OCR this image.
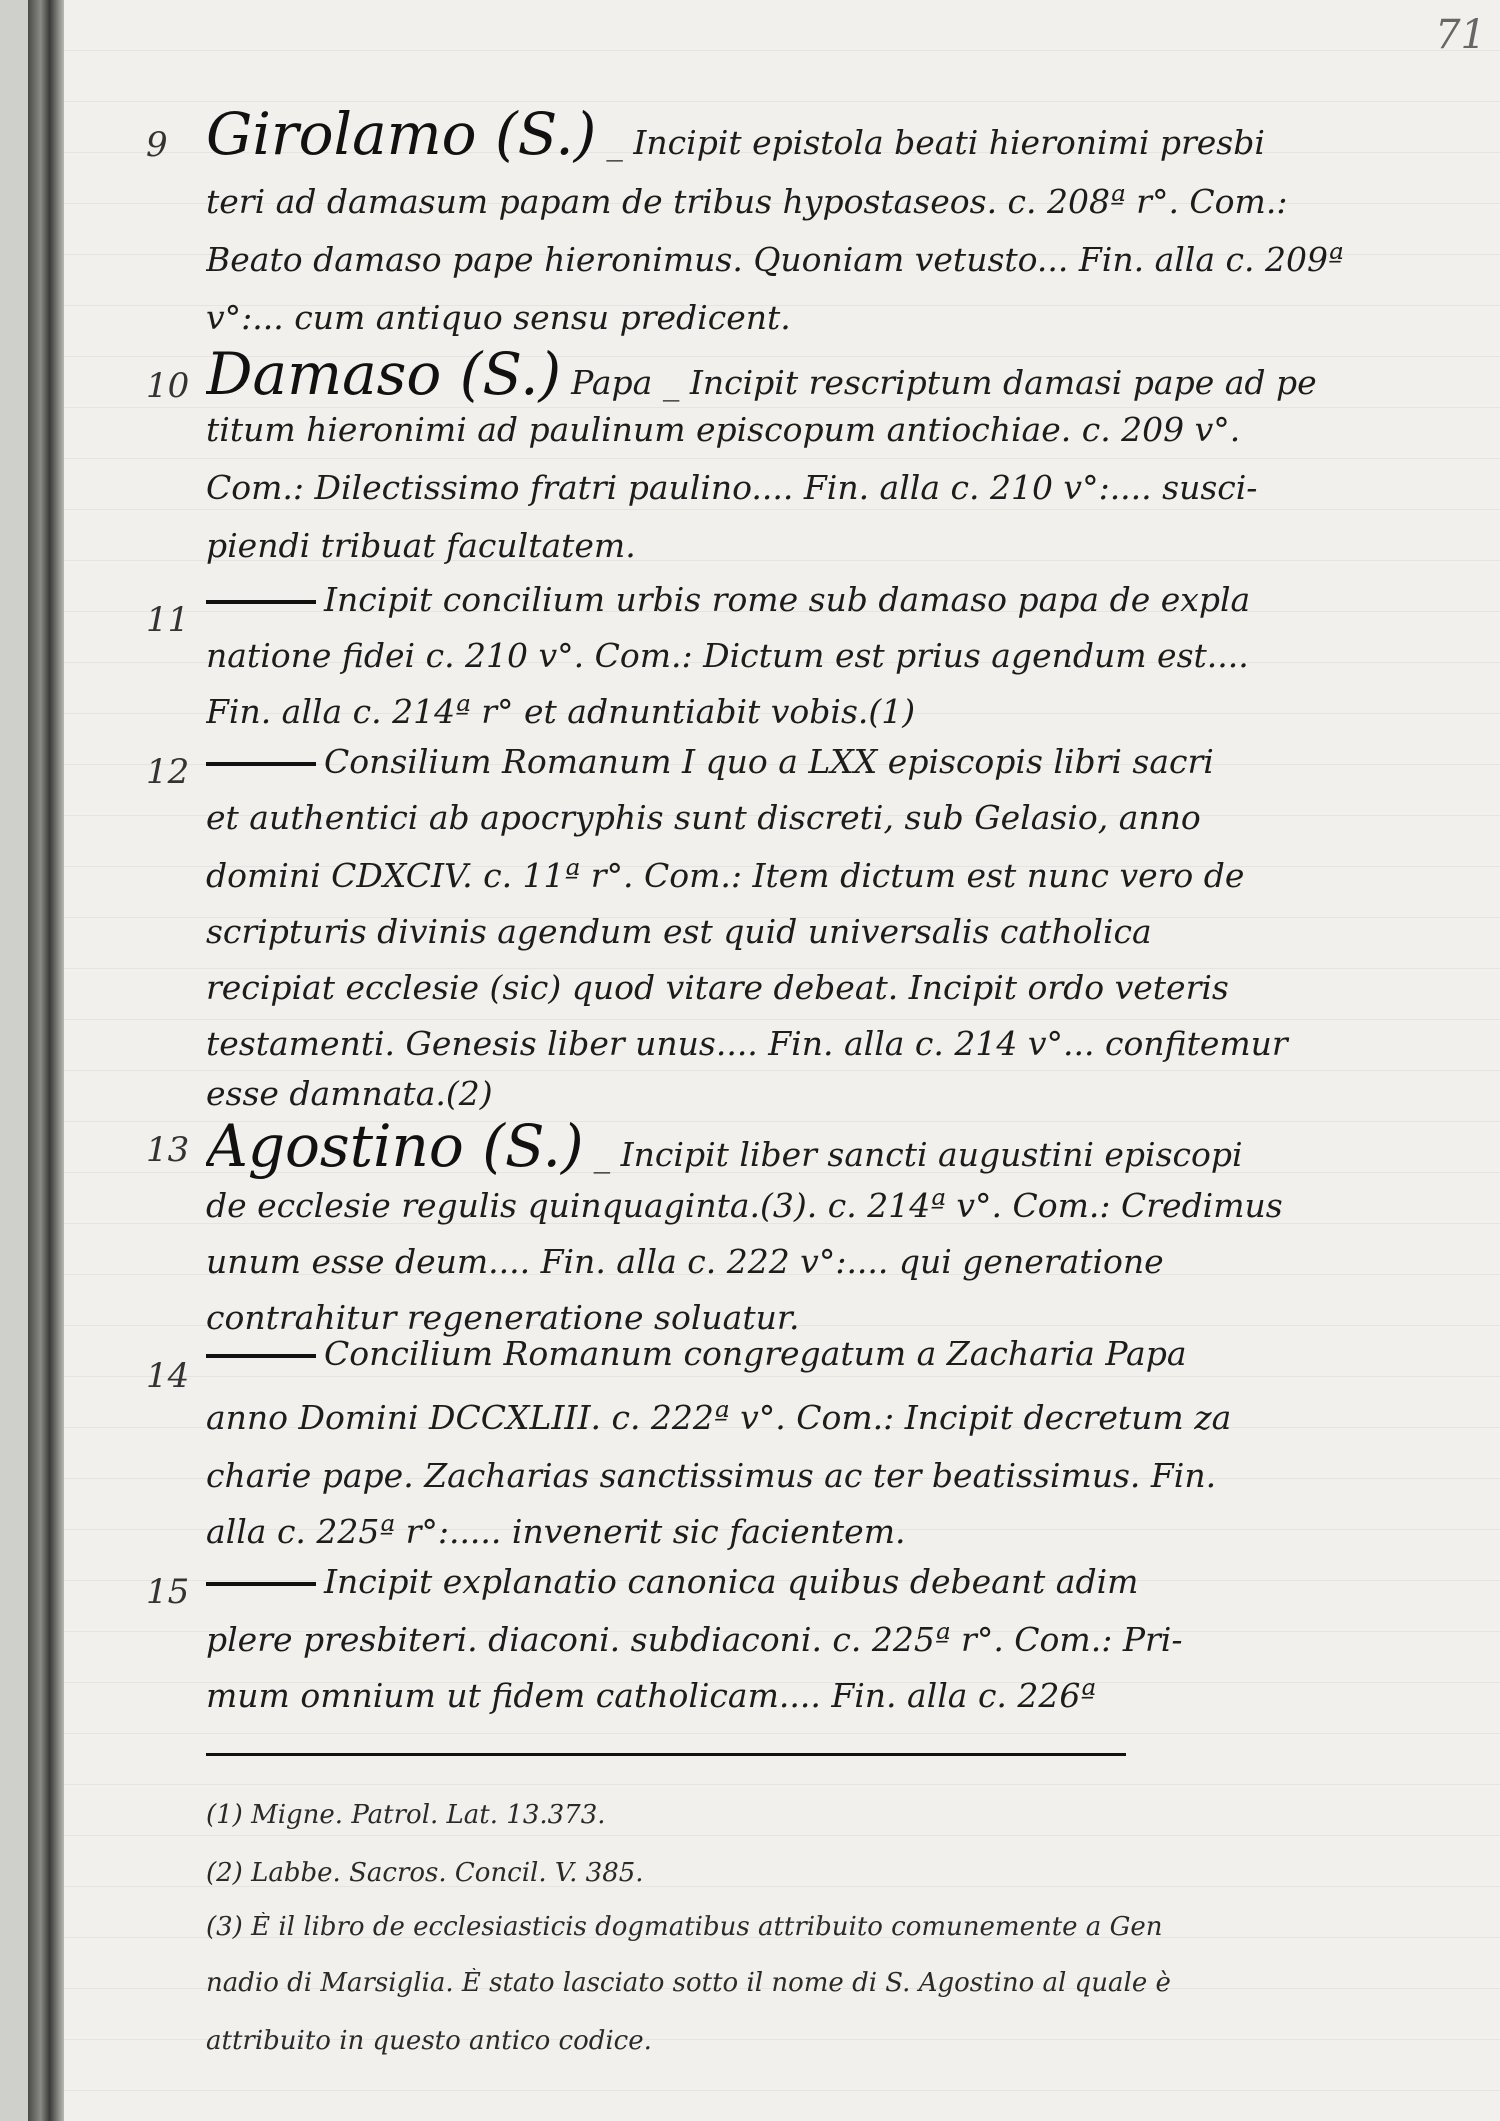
71
9 Girolamo (S.) _ Incipit epistola beati hieronimi presbi
teri ad damasum papam de tribus hypostaseos. c. 208ª r°. Com.:
Beato damaso pape hieronimus. Quoniam vetusto... Fin. alla c. 209ª
v°:... cum antiquo sensu predicent.
10 Damaso (S.) Papa _ Incipit rescriptum damasi pape ad pe
titum hieronimi ad paulinum episcopum antiochiae. c. 209 v°.
Com.: Dilectissimo fratri paulino.... Fin. alla c. 210 v°:.... susci-
piendi tribuat facultatem.
11
Incipit concilium urbis rome sub damaso papa de expla
natione fidei c. 210 v°. Com.: Dictum est prius agendum est....
Fin. alla c. 214ª r° et adnuntiabit vobis.(1)
12	Consilium Romanum I quo a LXX episcopis libri sacri
et authentici ab apocryphis sunt discreti, sub Gelasio, anno
domini CDXCIV. c. 11ª r°. Com.: Item dictum est nunc vero de
scripturis divinis agendum est quid universalis catholica
recipiat ecclesie (sic) quod vitare debeat. Incipit ordo veteris
testamenti. Genesis liber unus.... Fin. alla c. 214 v°... confitemur
esse damnata.(2)
13 Agostino (S.) _ Incipit liber sancti augustini episcopi
de ecclesie regulis quinquaginta.(3). c. 214ª v°. Com.: Credimus
unum esse deum.... Fin. alla c. 222 v°:.... qui generatione
contrahitur regeneratione soluatur.
14
Concilium Romanum congregatum a Zacharia Papa
anno Domini DCCXLIII. c. 222ª v°. Com.: Incipit decretum za
charie pape. Zacharias sanctissimus ac ter beatissimus. Fin.
alla c. 225ª r°:..... invenerit sic facientem.
15	Incipit explanatio canonica quibus debeant adim
plere presbiteri. diaconi. subdiaconi. c. 225ª r°. Com.: Pri-
mum omnium ut fidem catholicam.... Fin. alla c. 226ª
(1) Migne. Patrol. Lat. 13.373.
(2) Labbe. Sacros. Concil. V. 385.
(3) È il libro de ecclesiasticis dogmatibus attribuito comunemente a Gen
nadio di Marsiglia. È stato lasciato sotto il nome di S. Agostino al quale è
attribuito in questo antico codice.
